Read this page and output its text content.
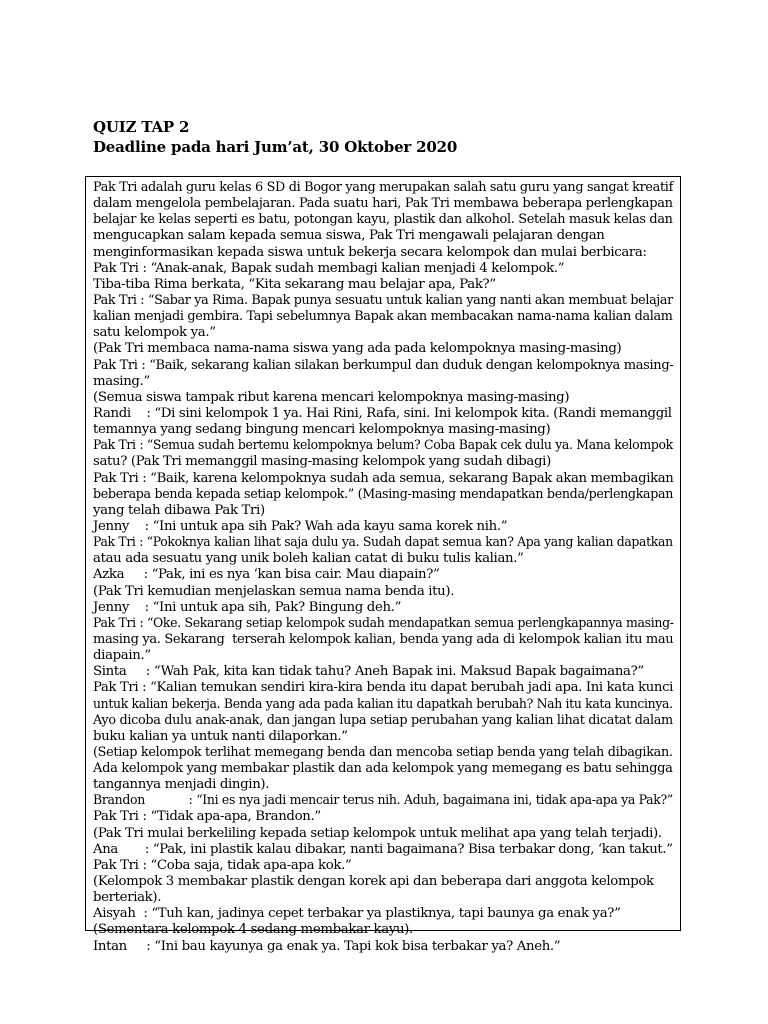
QUIZ TAP 2
Deadline pada hari Jum’at, 30 Oktober 2020
Pak Tri adalah guru kelas 6 SD di Bogor yang merupakan salah satu guru yang sangat kreatif
dalam mengelola pembelajaran. Pada suatu hari, Pak Tri membawa beberapa perlengkapan
belajar ke kelas seperti es batu, potongan kayu, plastik dan alkohol. Setelah masuk kelas dan
mengucapkan salam kepada semua siswa, Pak Tri mengawali pelajaran dengan
menginformasikan kepada siswa untuk bekerja secara kelompok dan mulai berbicara:
Pak Tri : “Anak-anak, Bapak sudah membagi kalian menjadi 4 kelompok.”
Tiba-tiba Rima berkata, “Kita sekarang mau belajar apa, Pak?”
Pak Tri : “Sabar ya Rima. Bapak punya sesuatu untuk kalian yang nanti akan membuat belajar
kalian menjadi gembira. Tapi sebelumnya Bapak akan membacakan nama-nama kalian dalam
satu kelompok ya.”
(Pak Tri membaca nama-nama siswa yang ada pada kelompoknya masing-masing)
Pak Tri : “Baik, sekarang kalian silakan berkumpul dan duduk dengan kelompoknya masing-
masing.”
(Semua siswa tampak ribut karena mencari kelompoknya masing-masing)
Randi    : “Di sini kelompok 1 ya. Hai Rini, Rafa, sini. Ini kelompok kita. (Randi memanggil
temannya yang sedang bingung mencari kelompoknya masing-masing)
Pak Tri : “Semua sudah bertemu kelompoknya belum? Coba Bapak cek dulu ya. Mana kelompok
satu? (Pak Tri memanggil masing-masing kelompok yang sudah dibagi)
Pak Tri : “Baik, karena kelompoknya sudah ada semua, sekarang Bapak akan membagikan
beberapa benda kepada setiap kelompok.” (Masing-masing mendapatkan benda/perlengkapan
yang telah dibawa Pak Tri)
Jenny    : “Ini untuk apa sih Pak? Wah ada kayu sama korek nih.”
Pak Tri : “Pokoknya kalian lihat saja dulu ya. Sudah dapat semua kan? Apa yang kalian dapatkan
atau ada sesuatu yang unik boleh kalian catat di buku tulis kalian.”
Azka     : “Pak, ini es nya ‘kan bisa cair. Mau diapain?”
(Pak Tri kemudian menjelaskan semua nama benda itu).
Jenny    : “Ini untuk apa sih, Pak? Bingung deh.”
Pak Tri : “Oke. Sekarang setiap kelompok sudah mendapatkan semua perlengkapannya masing-
masing ya. Sekarang  terserah kelompok kalian, benda yang ada di kelompok kalian itu mau
diapain.”
Sinta     : “Wah Pak, kita kan tidak tahu? Aneh Bapak ini. Maksud Bapak bagaimana?”
Pak Tri : “Kalian temukan sendiri kira-kira benda itu dapat berubah jadi apa. Ini kata kunci
untuk kalian bekerja. Benda yang ada pada kalian itu dapatkah berubah? Nah itu kata kuncinya.
Ayo dicoba dulu anak-anak, dan jangan lupa setiap perubahan yang kalian lihat dicatat dalam
buku kalian ya untuk nanti dilaporkan.”
(Setiap kelompok terlihat memegang benda dan mencoba setiap benda yang telah dibagikan.
Ada kelompok yang membakar plastik dan ada kelompok yang memegang es batu sehingga
tangannya menjadi dingin).
Brandon            : “Ini es nya jadi mencair terus nih. Aduh, bagaimana ini, tidak apa-apa ya Pak?”
Pak Tri : “Tidak apa-apa, Brandon.”
(Pak Tri mulai berkeliling kepada setiap kelompok untuk melihat apa yang telah terjadi).
Ana       : “Pak, ini plastik kalau dibakar, nanti bagaimana? Bisa terbakar dong, ‘kan takut.”
Pak Tri : “Coba saja, tidak apa-apa kok.”
(Kelompok 3 membakar plastik dengan korek api dan beberapa dari anggota kelompok
berteriak).
Aisyah  : “Tuh kan, jadinya cepet terbakar ya plastiknya, tapi baunya ga enak ya?”
(Sementara kelompok 4 sedang membakar kayu).
Intan     : “Ini bau kayunya ga enak ya. Tapi kok bisa terbakar ya? Aneh.”
